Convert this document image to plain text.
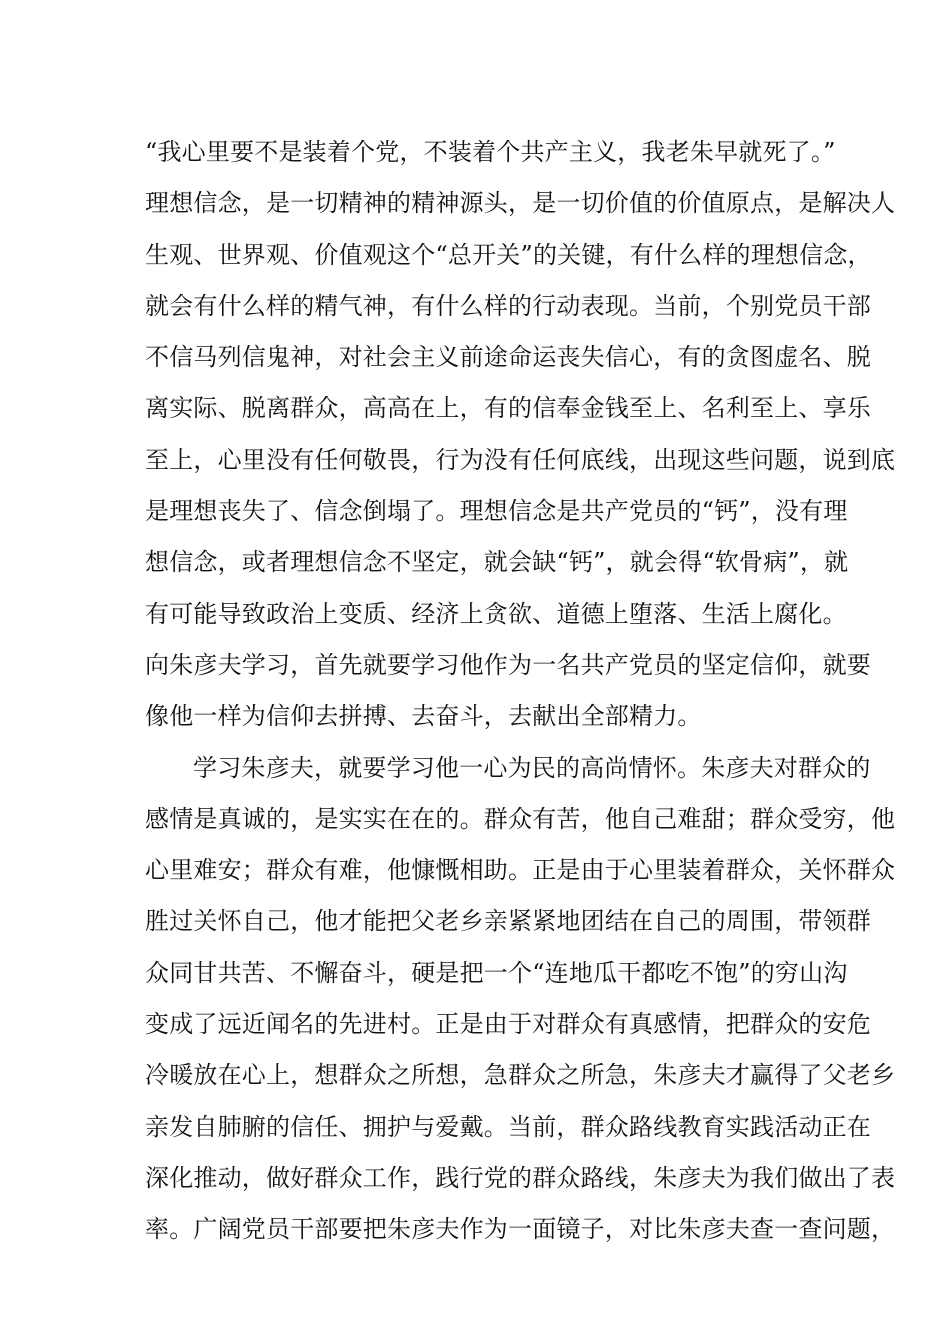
“我心里要不是装着个党，不装着个共产主义，我老朱早就死了。”
理想信念，是一切精神的精神源头，是一切价值的价值原点，是解决人
生观、世界观、价值观这个“总开关”的关键，有什么样的理想信念，
就会有什么样的精气神，有什么样的行动表现。当前，个别党员干部
不信马列信鬼神，对社会主义前途命运丧失信心，有的贪图虚名、脱
离实际、脱离群众，高高在上，有的信奉金钱至上、名利至上、享乐
至上，心里没有任何敬畏，行为没有任何底线，出现这些问题，说到底
是理想丧失了、信念倒塌了。理想信念是共产党员的“钙”，没有理
想信念，或者理想信念不坚定，就会缺“钙”，就会得“软骨病”，就
有可能导致政治上变质、经济上贪欲、道德上堕落、生活上腐化。
向朱彦夫学习，首先就要学习他作为一名共产党员的坚定信仰，就要
像他一样为信仰去拼搏、去奋斗，去献出全部精力。
学习朱彦夫，就要学习他一心为民的高尚情怀。朱彦夫对群众的
感情是真诚的，是实实在在的。群众有苦，他自己难甜；群众受穷，他
心里难安；群众有难，他慷慨相助。正是由于心里装着群众，关怀群众
胜过关怀自己，他才能把父老乡亲紧紧地团结在自己的周围，带领群
众同甘共苦、不懈奋斗，硬是把一个“连地瓜干都吃不饱”的穷山沟
变成了远近闻名的先进村。正是由于对群众有真感情，把群众的安危
冷暖放在心上，想群众之所想，急群众之所急，朱彦夫才赢得了父老乡
亲发自肺腑的信任、拥护与爱戴。当前，群众路线教育实践活动正在
深化推动，做好群众工作，践行党的群众路线，朱彦夫为我们做出了表
率。广阔党员干部要把朱彦夫作为一面镜子，对比朱彦夫查一查问题，
